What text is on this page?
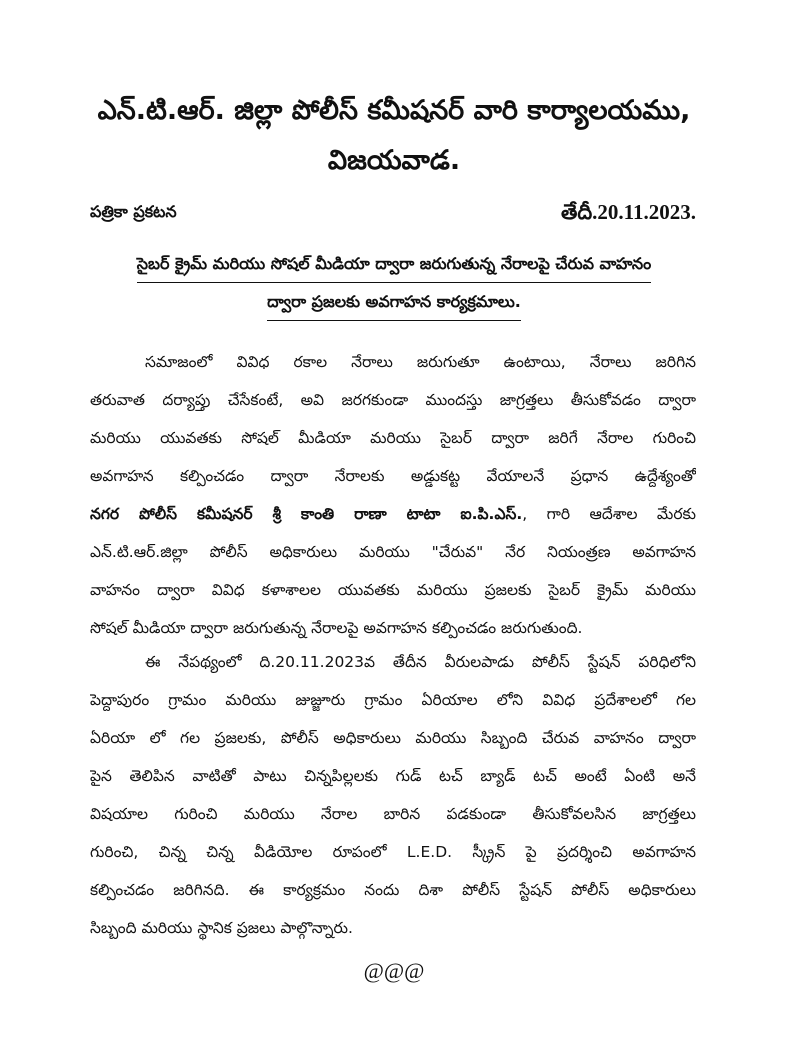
ఎన్.టి.ఆర్. జిల్లా పోలీస్ కమీషనర్ వారి కార్యాలయము,
విజయవాడ.
పత్రికా ప్రకటన	తేదీ.20.11.2023.
సైబర్ క్రైమ్ మరియు సోషల్ మీడియా ద్వారా జరుగుతున్న నేరాలపై చేరువ వాహనం
ద్వారా ప్రజలకు అవగాహన కార్యక్రమాలు.
సమాజంలో వివిధ రకాల నేరాలు జరుగుతూ ఉంటాయి, నేరాలు జరిగిన
తరువాత దర్యాప్తు చేసేకంటే, అవి జరగకుండా ముందస్తు జాగ్రత్తలు తీసుకోవడం ద్వారా
మరియు యువతకు సోషల్ మీడియా మరియు సైబర్ ద్వారా జరిగే నేరాల గురించి
అవగాహన కల్పించడం ద్వారా నేరాలకు అడ్డుకట్ట వేయాలనే ప్రధాన ఉద్దేశ్యంతో
నగర పోలీస్ కమీషనర్ శ్రీ కాంతి రాణా టాటా ఐ.పి.ఎస్., గారి ఆదేశాల మేరకు
ఎన్.టి.ఆర్.జిల్లా పోలీస్ అధికారులు మరియు "చేరువ" నేర నియంత్రణ అవగాహన
వాహనం ద్వారా వివిధ కళాశాలల యువతకు మరియు ప్రజలకు సైబర్ క్రైమ్ మరియు
సోషల్ మీడియా ద్వారా జరుగుతున్న నేరాలపై అవగాహన కల్పించడం జరుగుతుంది.
ఈ నేపథ్యంలో ది.20.11.2023వ తేదీన వీరులపాడు పోలీస్ స్టేషన్ పరిధిలోని
పెద్దాపురం గ్రామం మరియు జుజ్జూరు గ్రామం ఏరియాల లోని వివిధ ప్రదేశాలలో గల
ఏరియా లో గల ప్రజలకు, పోలీస్ అధికారులు మరియు సిబ్బంది చేరువ వాహనం ద్వారా
పైన తెలిపిన వాటితో పాటు చిన్నపిల్లలకు గుడ్ టచ్ బ్యాడ్ టచ్ అంటే ఏంటి అనే
విషయాల గురించి మరియు నేరాల బారిన పడకుండా తీసుకోవలసిన జాగ్రత్తలు
గురించి, చిన్న చిన్న వీడియోల రూపంలో L.E.D. స్క్రీన్ పై ప్రదర్శించి అవగాహన
కల్పించడం జరిగినది. ఈ కార్యక్రమం నందు దిశా పోలీస్ స్టేషన్ పోలీస్ అధికారులు
సిబ్బంది మరియు స్థానిక ప్రజలు పాల్గొన్నారు.
@@@
